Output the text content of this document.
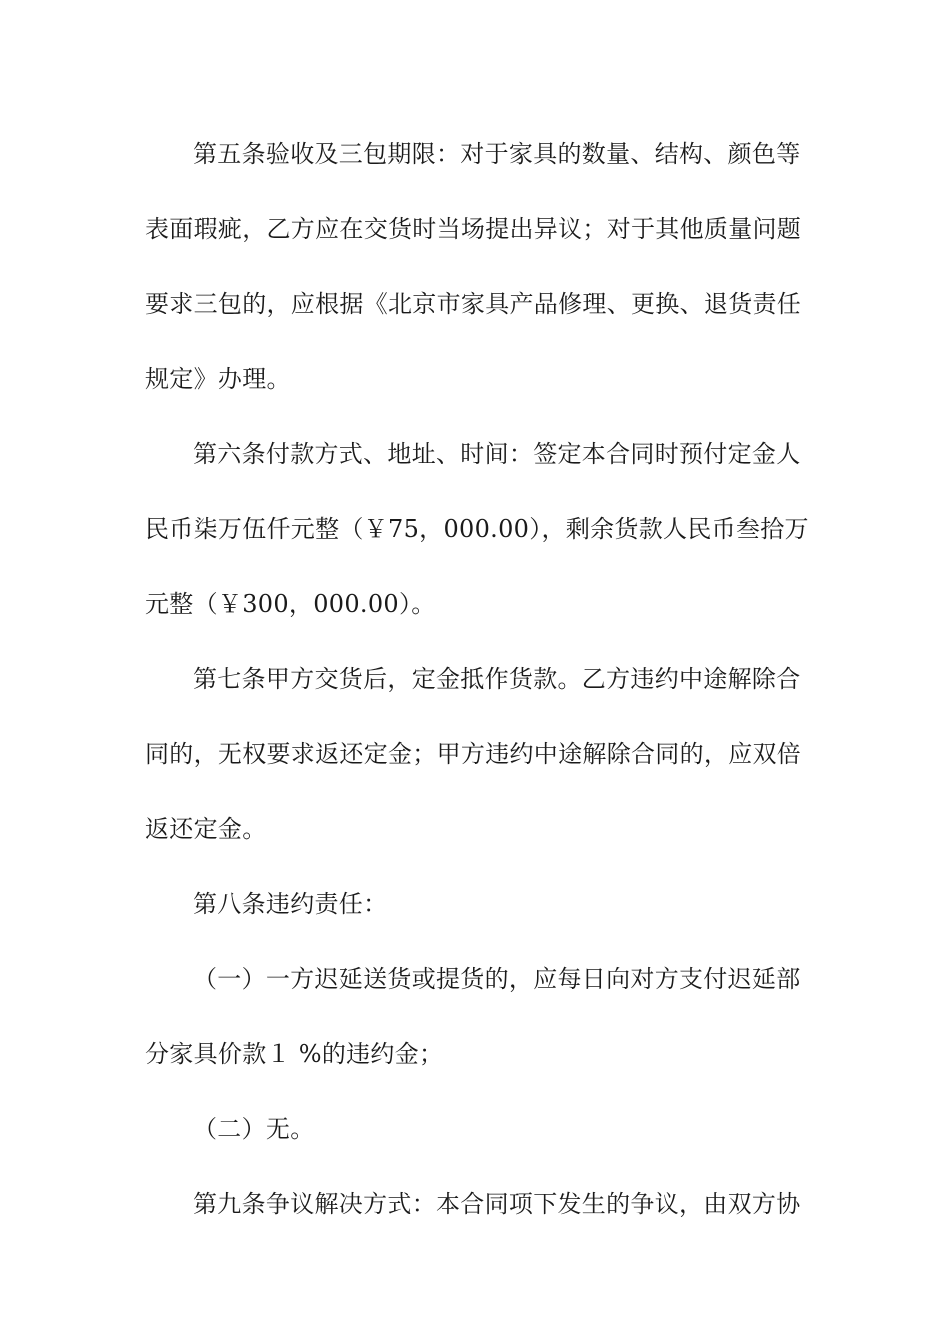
第五条验收及三包期限：对于家具的数量、结构、颜色等
表面瑕疵，乙方应在交货时当场提出异议；对于其他质量问题
要求三包的，应根据《北京市家具产品修理、更换、退货责任
规定》办理。
第六条付款方式、地址、时间：签定本合同时预付定金人
民币柒万伍仟元整（￥75，000.00），剩余货款人民币叁拾万
元整（￥300，000.00）。
第七条甲方交货后，定金抵作货款。乙方违约中途解除合
同的，无权要求返还定金；甲方违约中途解除合同的，应双倍
返还定金。
第八条违约责任：
（一）一方迟延送货或提货的，应每日向对方支付迟延部
分家具价款１ %的违约金；
（二）无。
第九条争议解决方式：本合同项下发生的争议，由双方协
